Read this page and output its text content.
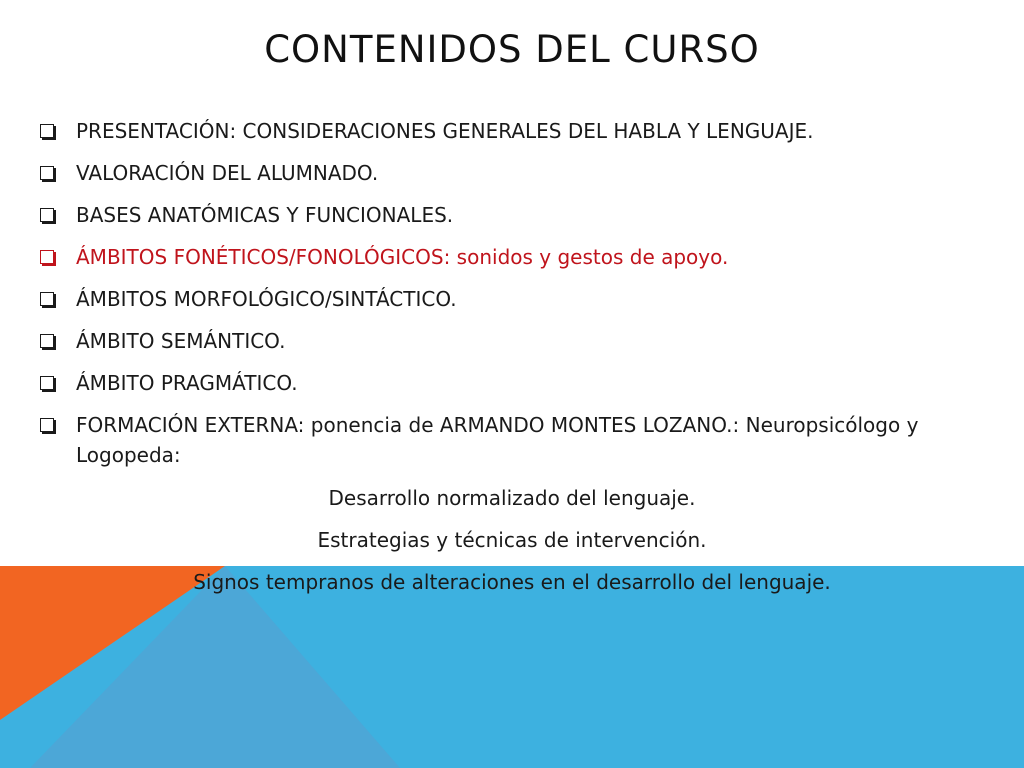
CONTENIDOS DEL CURSO
PRESENTACIÓN: CONSIDERACIONES GENERALES DEL HABLA Y LENGUAJE.
VALORACIÓN DEL ALUMNADO.
BASES ANATÓMICAS Y FUNCIONALES.
ÁMBITOS FONÉTICOS/FONOLÓGICOS: sonidos y gestos de apoyo.
ÁMBITOS MORFOLÓGICO/SINTÁCTICO.
ÁMBITO SEMÁNTICO.
ÁMBITO PRAGMÁTICO.
FORMACIÓN EXTERNA: ponencia de ARMANDO MONTES LOZANO.: Neuropsicólogo y Logopeda:
Desarrollo normalizado del lenguaje.
Estrategias y técnicas de intervención.
Signos tempranos de alteraciones en el desarrollo del lenguaje.
